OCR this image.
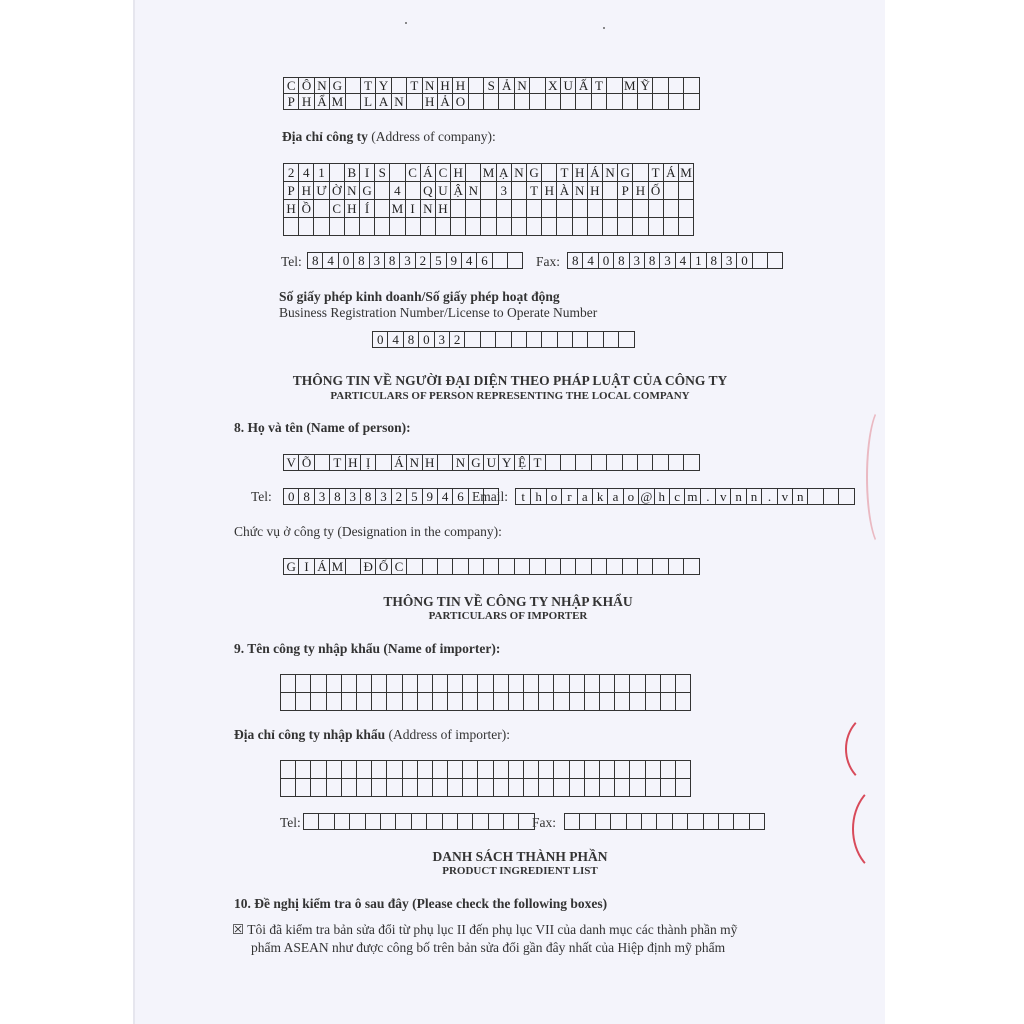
C Ô N G T Y T N H H S Ả N X U Ấ T	M Ỹ
P H Ẩ M L A N H Ả O
Địa chỉ công ty (Address of company):
2 4 1	B I S	C Á C H M Ạ N G T H Á N G T Á M
P H Ư Ờ N G 4	Q U Ậ N 3	T H À N H P H Ố
H Ồ C H Í	M I N H
Tel: 8 4 0 8 3 8 3 2 5 9 4 6	Fax: 8 4 0 8 3 8 3 4 1 8 3 0
Số giấy phép kinh doanh/Số giấy phép hoạt động
Business Registration Number/License to Operate Number
0 4 8 0 3 2
THÔNG TIN VỀ NGƯỜI ĐẠI DIỆN THEO PHÁP LUẬT CỦA CÔNG TY
PARTICULARS OF PERSON REPRESENTING THE LOCAL COMPANY
8. Họ và tên (Name of person):
V Õ T H Ị	Á N H N G U Y Ệ T
Tel:	0 8 3 8 3 8 3 2 5 9 4 6 Email:	t h o r a k a o @ h c m . v n n . v n
Chức vụ ở công ty (Designation in the company):
G I Á M Đ Ố C
THÔNG TIN VỀ CÔNG TY NHẬP KHẨU
PARTICULARS OF IMPORTER
9. Tên công ty nhập khẩu (Name of importer):
Địa chỉ công ty nhập khẩu (Address of importer):
Tel:	Fax:
DANH SÁCH THÀNH PHẦN
PRODUCT INGREDIENT LIST
10. Đề nghị kiểm tra ô sau đây (Please check the following boxes)
☒ Tôi đã kiểm tra bản sửa đổi từ phụ lục II đến phụ lục VII của danh mục các thành phần mỹ
phẩm ASEAN như được công bố trên bản sửa đổi gần đây nhất của Hiệp định mỹ phẩm
